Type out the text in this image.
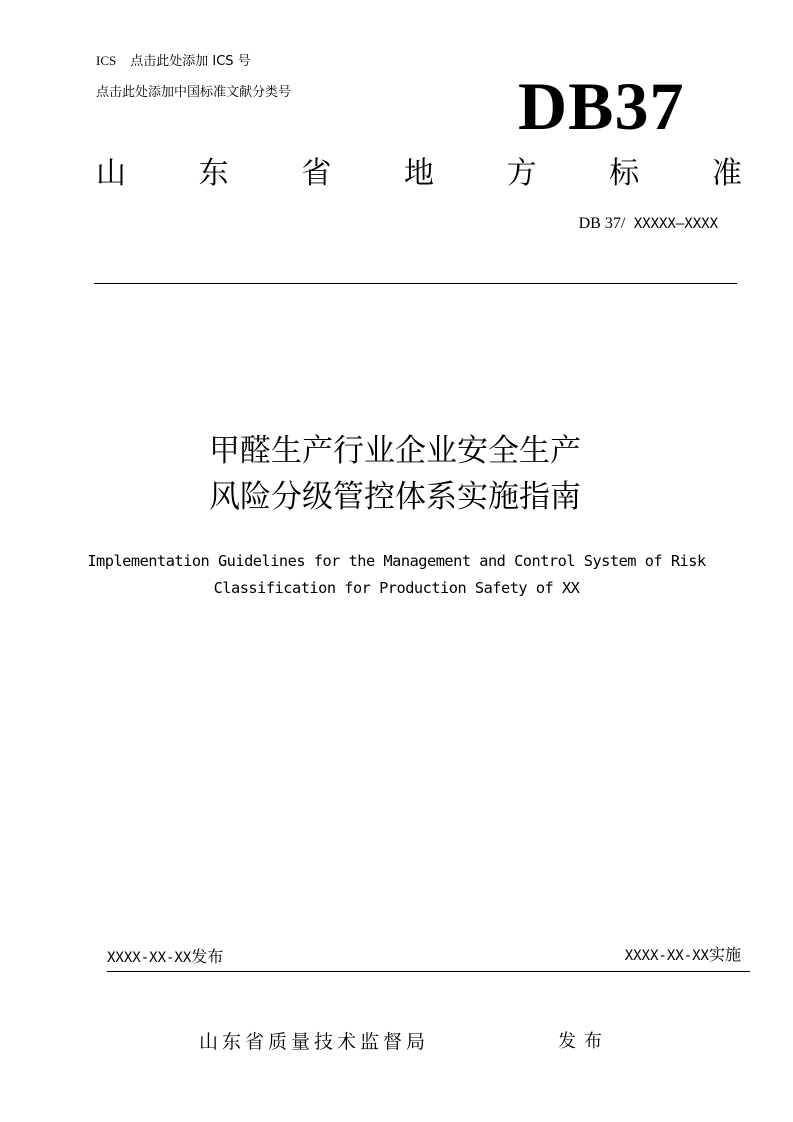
ICS 点击此处添加 ICS 号
点击此处添加中国标准文献分类号	DB37
山 东 省 地 方 标 准
DB 37/ XXXXX—XXXX
甲醛生产行业企业安全生产
风险分级管控体系实施指南
Implementation Guidelines for the Management and Control System of Risk
Classification for Production Safety of XX
XXXX-XX-XX发布	XXXX-XX-XX实施
山东省质量技术监督局	发布
